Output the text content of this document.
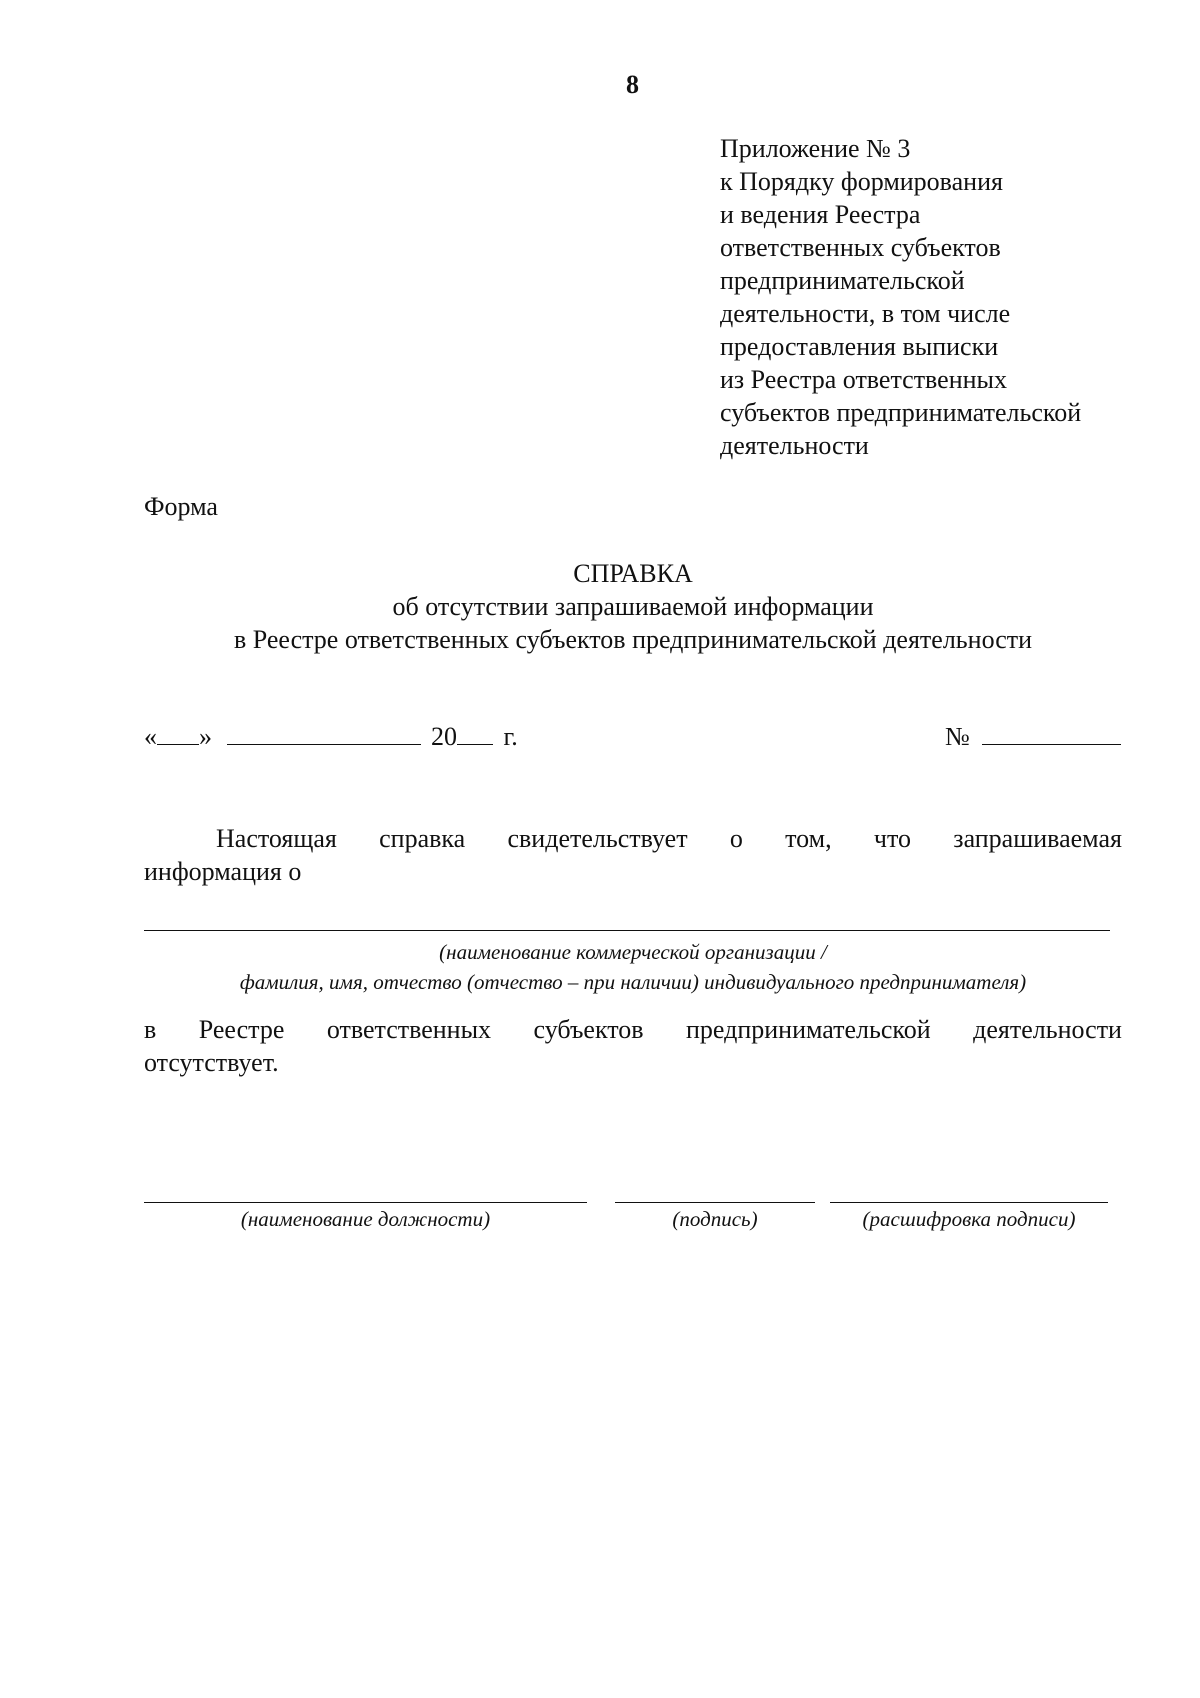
8
Приложение № 3
к Порядку формирования
и ведения Реестра
ответственных субъектов
предпринимательской
деятельности, в том числе
предоставления выписки
из Реестра ответственных
субъектов предпринимательской
деятельности
Форма
СПРАВКА
об отсутствии запрашиваемой информации
в Реестре ответственных субъектов предпринимательской деятельности
« »	20 г.	№
Настоящая справка свидетельствует о том, что запрашиваемая
информация о
(наименование коммерческой организации /
фамилия, имя, отчество (отчество – при наличии) индивидуального предпринимателя)
в Реестре ответственных субъектов предпринимательской деятельности
отсутствует.
(наименование должности)	(подпись)	(расшифровка подписи)
